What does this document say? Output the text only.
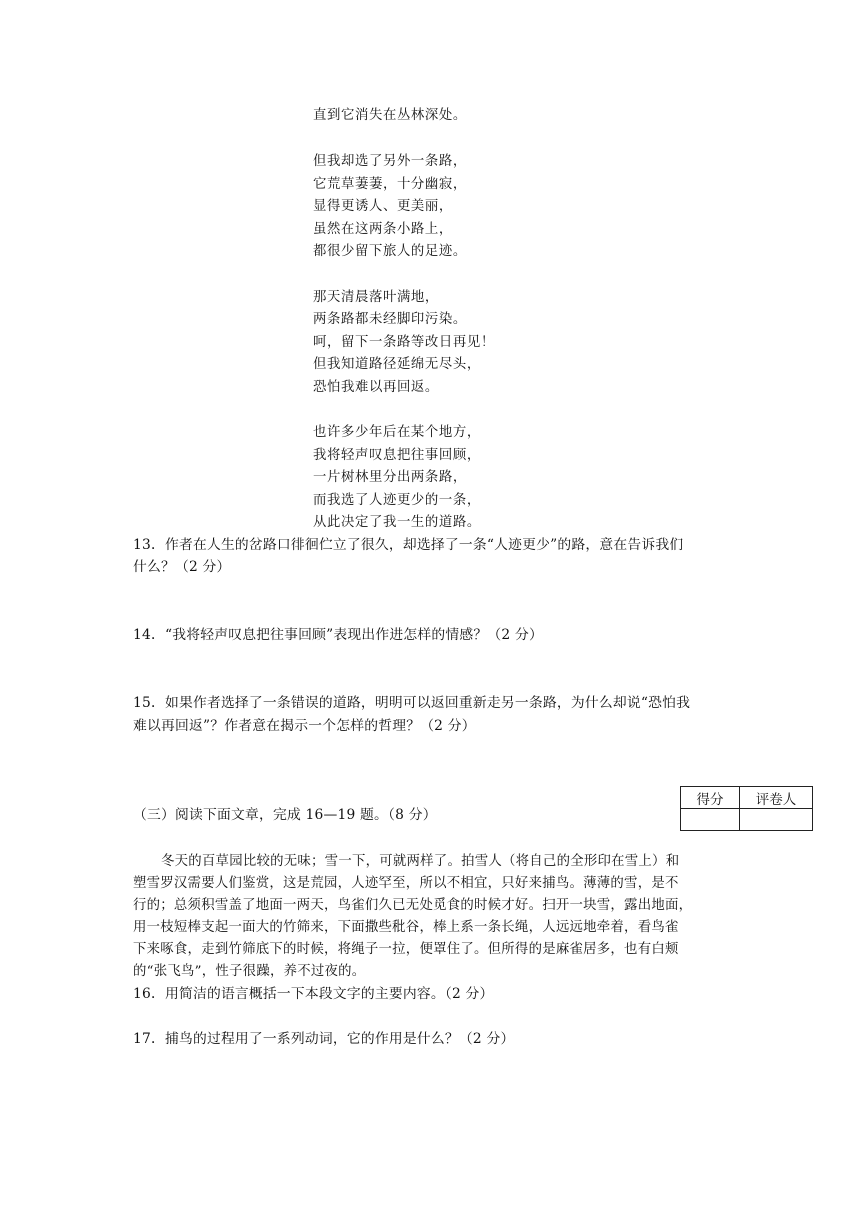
直到它消失在丛林深处。
但我却选了另外一条路，
它荒草萋萋，十分幽寂，
显得更诱人、更美丽，
虽然在这两条小路上，
都很少留下旅人的足迹。
那天清晨落叶满地，
两条路都未经脚印污染。
呵，留下一条路等改日再见！
但我知道路径延绵无尽头，
恐怕我难以再回返。
也许多少年后在某个地方，
我将轻声叹息把往事回顾，
一片树林里分出两条路，
而我选了人迹更少的一条，
从此决定了我一生的道路。
13．作者在人生的岔路口徘徊伫立了很久，却选择了一条“人迹更少”的路，意在告诉我们
什么？（2 分）
14．“我将轻声叹息把往事回顾”表现出作进怎样的情感？（2 分）
15．如果作者选择了一条错误的道路，明明可以返回重新走另一条路，为什么却说“恐怕我
难以再回返”？作者意在揭示一个怎样的哲理？（2 分）
得分	评卷人

（三）阅读下面文章，完成 16—19 题。（8 分）
冬天的百草园比较的无味；雪一下，可就两样了。拍雪人（将自己的全形印在雪上）和
塑雪罗汉需要人们鉴赏，这是荒园，人迹罕至，所以不相宜，只好来捕鸟。薄薄的雪，是不
行的；总须积雪盖了地面一两天，鸟雀们久已无处觅食的时候才好。扫开一块雪，露出地面，
用一枝短棒支起一面大的竹筛来，下面撒些秕谷，棒上系一条长绳，人远远地牵着，看鸟雀
下来啄食，走到竹筛底下的时候，将绳子一拉，便罩住了。但所得的是麻雀居多，也有白颊
的“张飞鸟”，性子很躁，养不过夜的。
16．用简洁的语言概括一下本段文字的主要内容。（2 分）
17．捕鸟的过程用了一系列动词，它的作用是什么？（2 分）
